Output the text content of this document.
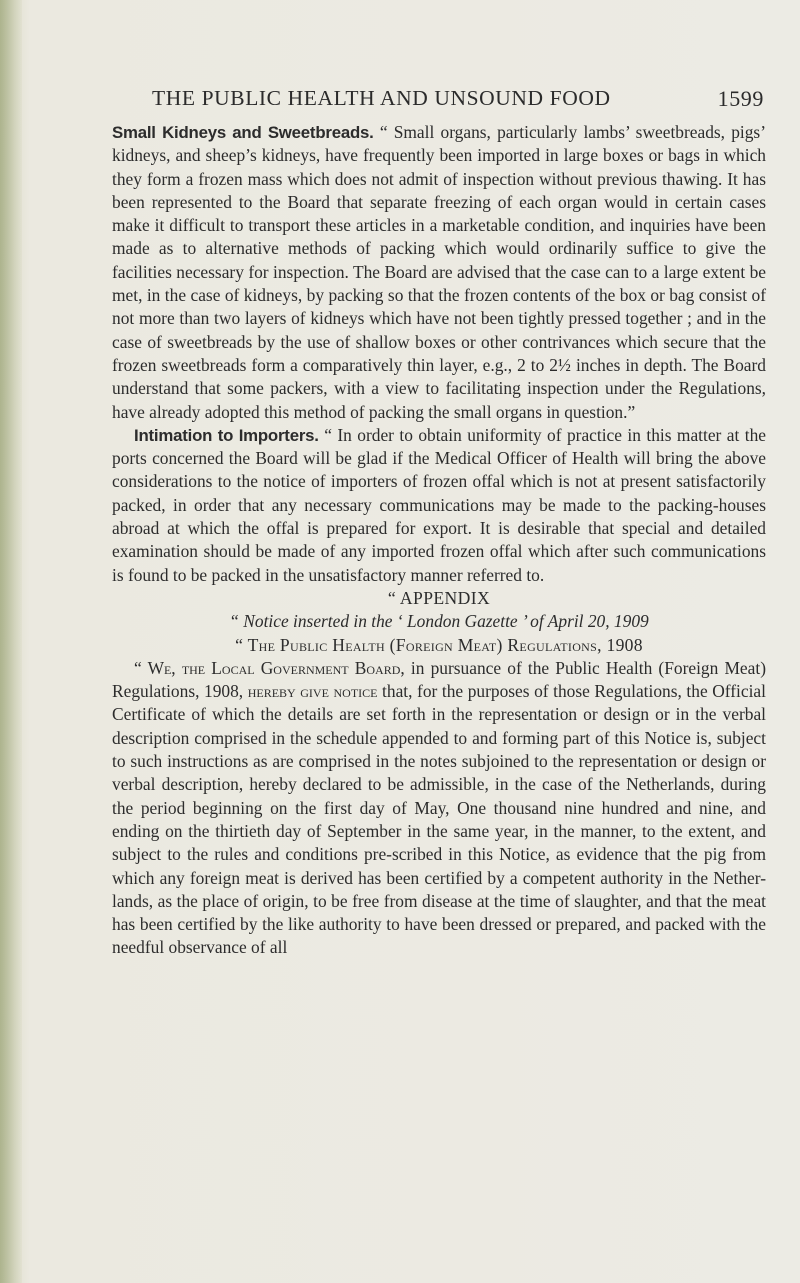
THE PUBLIC HEALTH AND UNSOUND FOOD	1599

Small Kidneys and Sweetbreads. “ Small organs, particularly lambs’ sweetbreads, pigs’ kidneys, and sheep’s kidneys, have frequently been imported in large boxes or bags in which they form a frozen mass which does not admit of inspection without previous thawing. It has been represented to the Board that separate freezing of each organ would in certain cases make it difficult to transport these articles in a marketable condition, and inquiries have been made as to alternative methods of packing which would ordinarily suffice to give the facilities necessary for inspection. The Board are advised that the case can to a large extent be met, in the case of kidneys, by packing so that the frozen contents of the box or bag consist of not more than two layers of kidneys which have not been tightly pressed together ; and in the case of sweetbreads by the use of shallow boxes or other contrivances which secure that the frozen sweetbreads form a comparatively thin layer, e.g., 2 to 2½ inches in depth. The Board understand that some packers, with a view to facilitating inspection under the Regulations, have already adopted this method of packing the small organs in question.”

Intimation to Importers. “ In order to obtain uniformity of practice in this matter at the ports concerned the Board will be glad if the Medical Officer of Health will bring the above considerations to the notice of importers of frozen offal which is not at present satisfactorily packed, in order that any necessary communications may be made to the packing-houses abroad at which the offal is prepared for export. It is desirable that special and detailed examination should be made of any imported frozen offal which after such communications is found to be packed in the unsatisfactory manner referred to.

“ APPENDIX

“ Notice inserted in the ‘ London Gazette ’ of April 20, 1909

“ The Public Health (Foreign Meat) Regulations, 1908

“ We, the Local Government Board, in pursuance of the Public Health (Foreign Meat) Regulations, 1908, hereby give notice that, for the purposes of those Regulations, the Official Certificate of which the details are set forth in the representation or design or in the verbal description comprised in the schedule appended to and forming part of this Notice is, subject to such instructions as are comprised in the notes subjoined to the representation or design or verbal description, hereby declared to be admissible, in the case of the Netherlands, during the period beginning on the first day of May, One thousand nine hundred and nine, and ending on the thirtieth day of September in the same year, in the manner, to the extent, and subject to the rules and conditions pre-scribed in this Notice, as evidence that the pig from which any foreign meat is derived has been certified by a competent authority in the Nether-lands, as the place of origin, to be free from disease at the time of slaughter, and that the meat has been certified by the like authority to have been dressed or prepared, and packed with the needful observance of all
